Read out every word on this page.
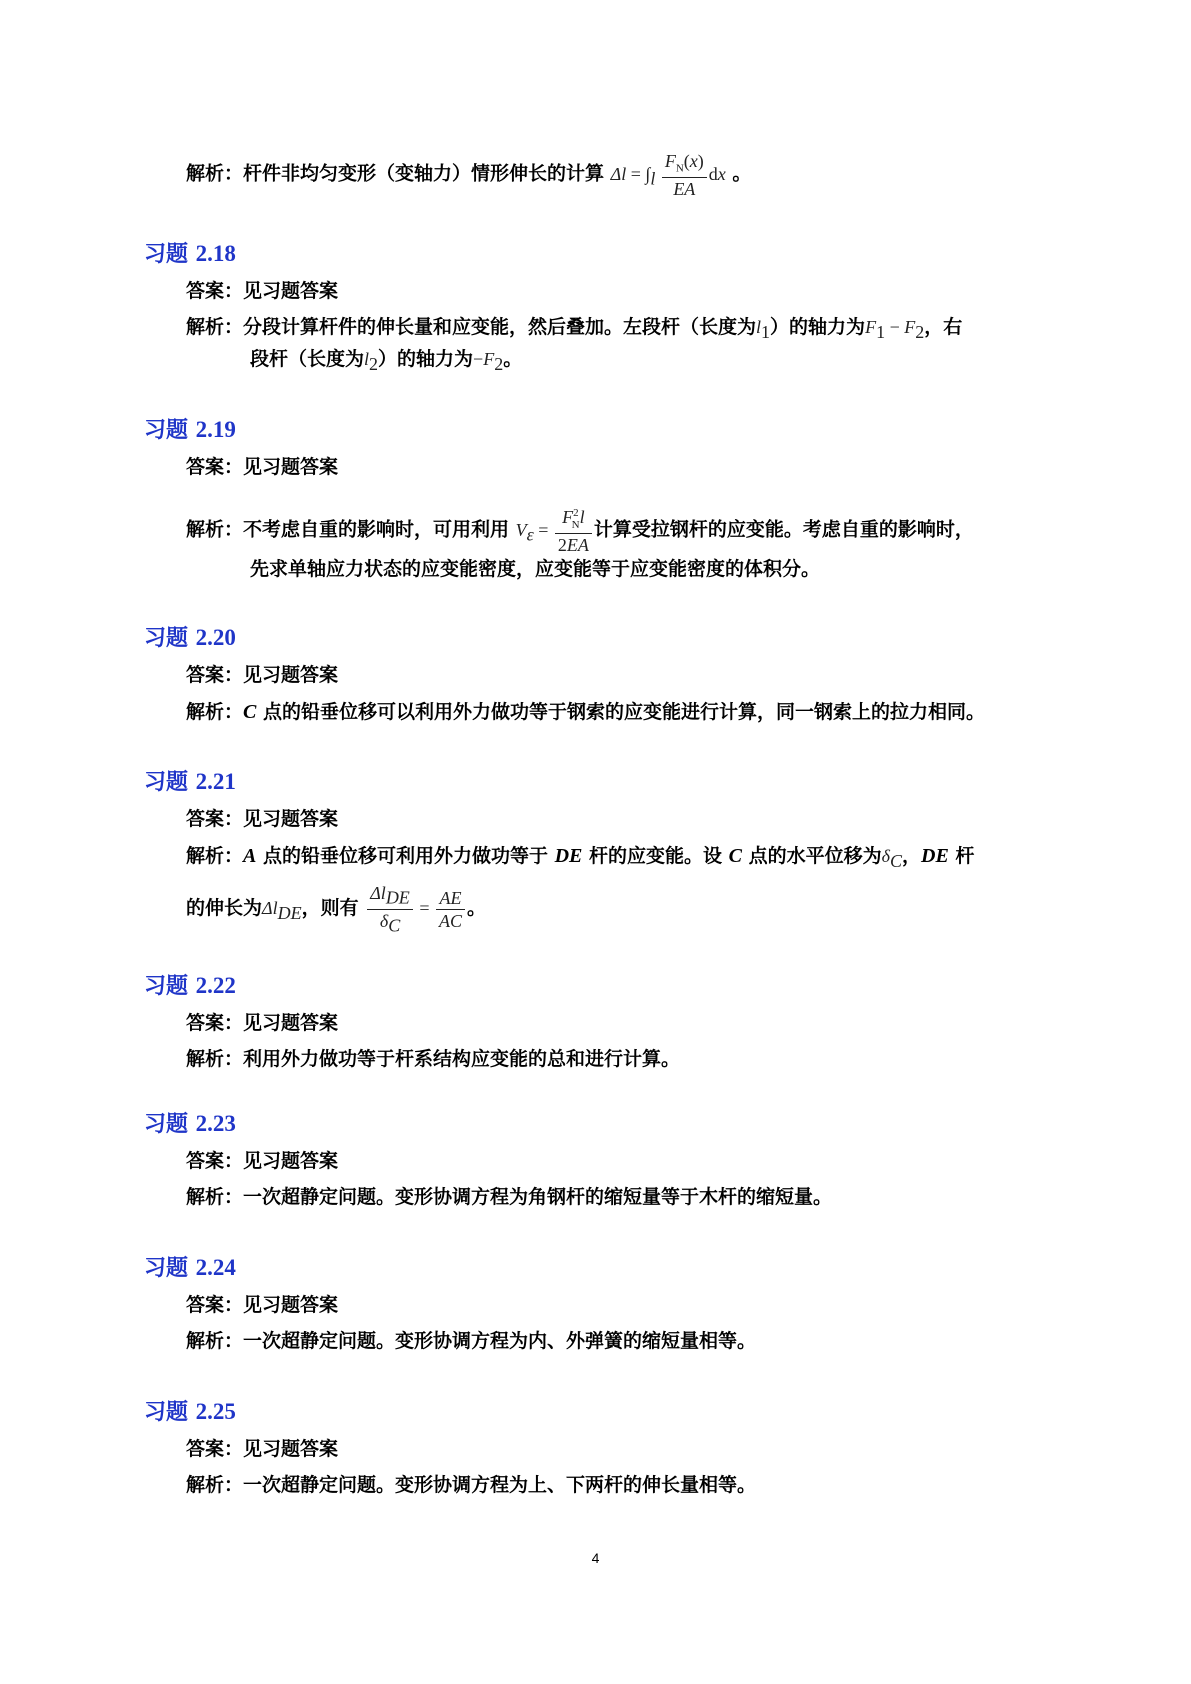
解析：杆件非均匀变形（变轴力）情形伸长的计算 $\Delta l = \int_l \frac{F_N(x)}{EA}$ dx 。
习题 2.18
答案：见习题答案
解析：分段计算杆件的伸长量和应变能，然后叠加。左段杆（长度为$l_1$）的轴力为$F_1 - F_2$，右
段杆（长度为$l_2$）的轴力为$-F_2$。
习题 2.19
答案：见习题答案
解析：不考虑自重的影响时，可用利用 $V_\varepsilon = \frac{F^2_Nl}{2EA}$ 计算受拉钢杆的应变能。考虑自重的影响时，
先求单轴应力状态的应变能密度，应变能等于应变能密度的体积分。
习题 2.20
答案：见习题答案
解析：C 点的铅垂位移可以利用外力做功等于钢索的应变能进行计算，同一钢索上的拉力相同。
习题 2.21
答案：见习题答案
解析：A 点的铅垂位移可利用外力做功等于 DE 杆的应变能。设 C 点的水平位移为$\delta_C$，DE 杆
的伸长为$\Delta l_{DE}$，则有 $\frac{\Delta l_{DE}}{\delta_C} = \frac{AE}{AC}$ 。
习题 2.22
答案：见习题答案
解析：利用外力做功等于杆系结构应变能的总和进行计算。
习题 2.23
答案：见习题答案
解析：一次超静定问题。变形协调方程为角钢杆的缩短量等于木杆的缩短量。
习题 2.24
答案：见习题答案
解析：一次超静定问题。变形协调方程为内、外弹簧的缩短量相等。
习题 2.25
答案：见习题答案
解析：一次超静定问题。变形协调方程为上、下两杆的伸长量相等。
4
